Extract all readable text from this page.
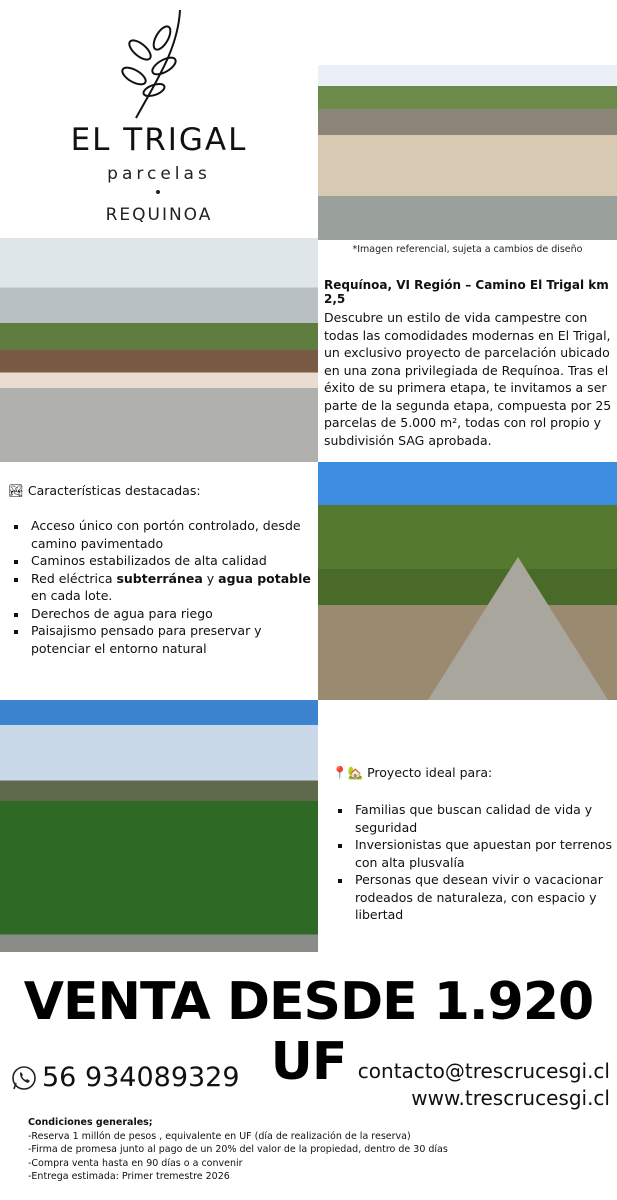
EL TRIGAL
parcelas
REQUINOA
*Imagen referencial, sujeta a cambios de diseño
Requínoa, VI Región – Camino El Trigal km 2,5
Descubre un estilo de vida campestre con todas las comodidades modernas en El Trigal, un exclusivo proyecto de parcelación ubicado en una zona privilegiada de Requínoa. Tras el éxito de su primera etapa, te invitamos a ser parte de la segunda etapa, compuesta por 25 parcelas de 5.000 m², todas con rol propio y subdivisión SAG aprobada.
🏞 Características destacadas:
Acceso único con portón controlado, desde camino pavimentado
Caminos estabilizados de alta calidad
Red eléctrica subterránea y agua potable en cada lote.
Derechos de agua para riego
Paisajismo pensado para preservar y potenciar el entorno natural
📍🏡 Proyecto ideal para:
Familias que buscan calidad de vida y seguridad
Inversionistas que apuestan por terrenos con alta plusvalía
Personas que desean vivir o vacacionar rodeados de naturaleza, con espacio y libertad
VENTA DESDE 1.920 UF
56 934089329	contacto@trescrucesgi.cl
www.trescrucesgi.cl
Condiciones generales;
-Reserva 1 millón de pesos , equivalente en UF (día de realización de la reserva)
-Firma de promesa junto al pago de un 20% del valor de la propiedad, dentro de 30 días
-Compra venta hasta en 90 días o a convenir
-Entrega estimada: Primer tremestre 2026
